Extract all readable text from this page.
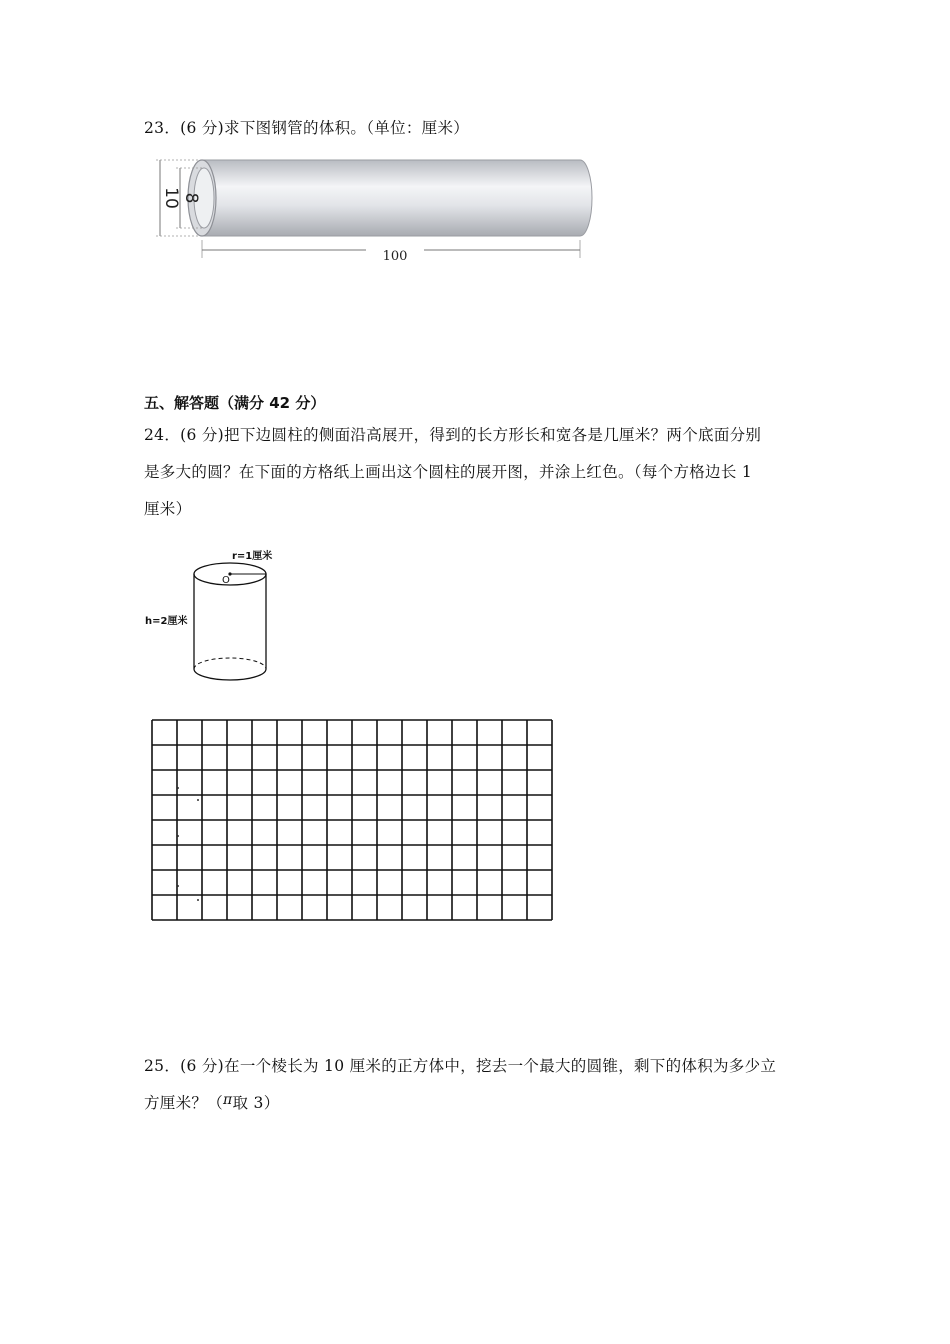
23．(6 分)求下图钢管的体积。（单位：厘米）
10 8
100
五、解答题（满分 42 分）
24．(6 分)把下边圆柱的侧面沿高展开，得到的长方形长和宽各是几厘米？两个底面分别
是多大的圆？在下面的方格纸上画出这个圆柱的展开图，并涂上红色。（每个方格边长 1
厘米）
r=1厘米
O
h=2厘米
25．(6 分)在一个棱长为 10 厘米的正方体中，挖去一个最大的圆锥，剩下的体积为多少立
方厘米？（π取 3）
